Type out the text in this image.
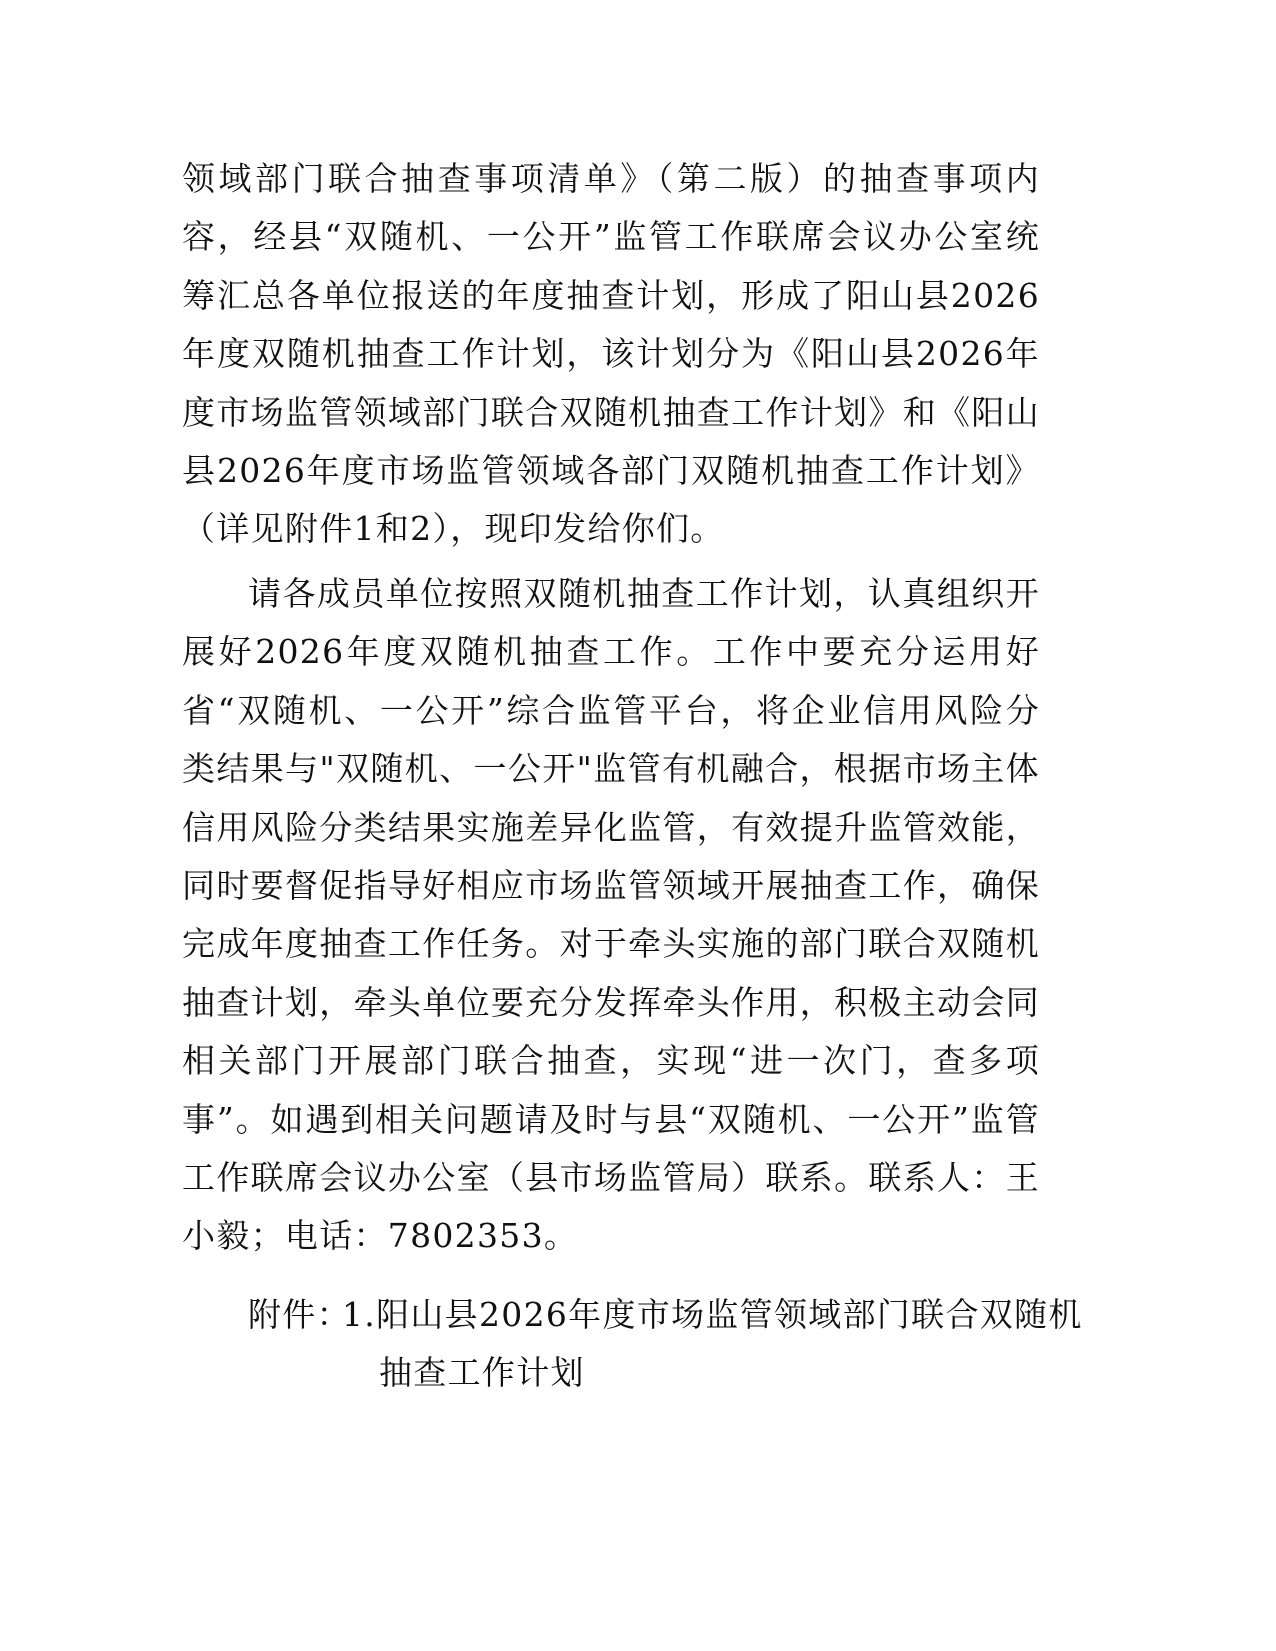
领域部门联合抽查事项清单》（第二版）的抽查事项内容，经县“双随机、一公开”监管工作联席会议办公室统筹汇总各单位报送的年度抽查计划，形成了阳山县2026年度双随机抽查工作计划，该计划分为《阳山县2026年度市场监管领域部门联合双随机抽查工作计划》和《阳山县2026年度市场监管领域各部门双随机抽查工作计划》（详见附件1和2），现印发给你们。

请各成员单位按照双随机抽查工作计划，认真组织开展好2026年度双随机抽查工作。工作中要充分运用好省“双随机、一公开”综合监管平台，将企业信用风险分类结果与"双随机、一公开"监管有机融合，根据市场主体信用风险分类结果实施差异化监管，有效提升监管效能，同时要督促指导好相应市场监管领域开展抽查工作，确保完成年度抽查工作任务。对于牵头实施的部门联合双随机抽查计划，牵头单位要充分发挥牵头作用，积极主动会同相关部门开展部门联合抽查，实现“进一次门，查多项事”。如遇到相关问题请及时与县“双随机、一公开”监管工作联席会议办公室（县市场监管局）联系。联系人：王小毅；电话：7802353。

附件：
1.阳山县2026年度市场监管领域部门联合双随机
抽查工作计划
